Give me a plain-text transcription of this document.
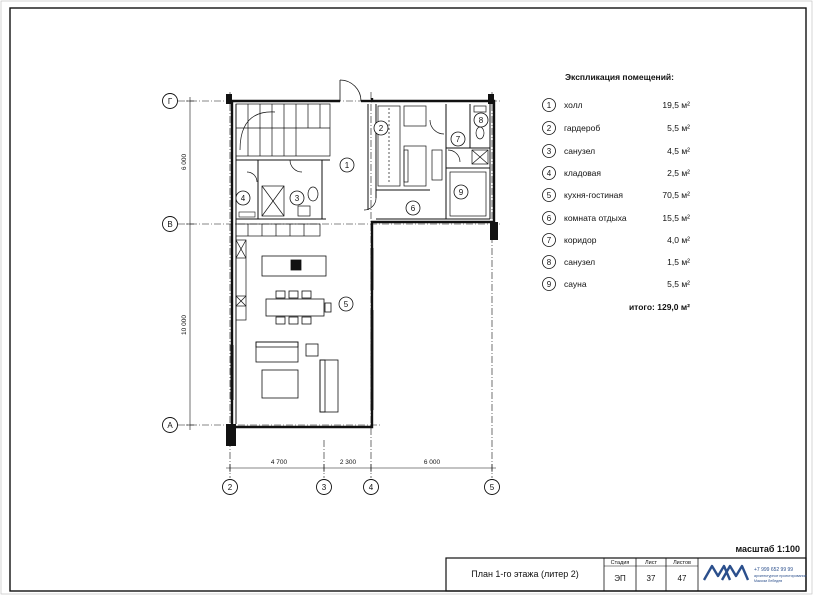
4 700	2 300	6 000
6 000
10 000
Г
В
А
2	3	4	5
1
2
3
4
5
6
7
8
9
Экспликация помещений:
1 холл	19,5 м²
2 гардероб	5,5 м²
3 санузел	4,5 м²
4 кладовая	2,5 м²
5 кухня-гостиная	70,5 м²
6 комната отдыха	15,5 м²
7 коридор	4,0 м²
8 санузел	1,5 м²
9 сауна	5,5 м²
итого: 129,0 м²
масштаб 1:100
План 1-го этажа (литер 2)
Стадия	Лист	Листов
ЭП	37	47
+7 999 652 99 99
архитектурное проектирование
Максим Лебедев
